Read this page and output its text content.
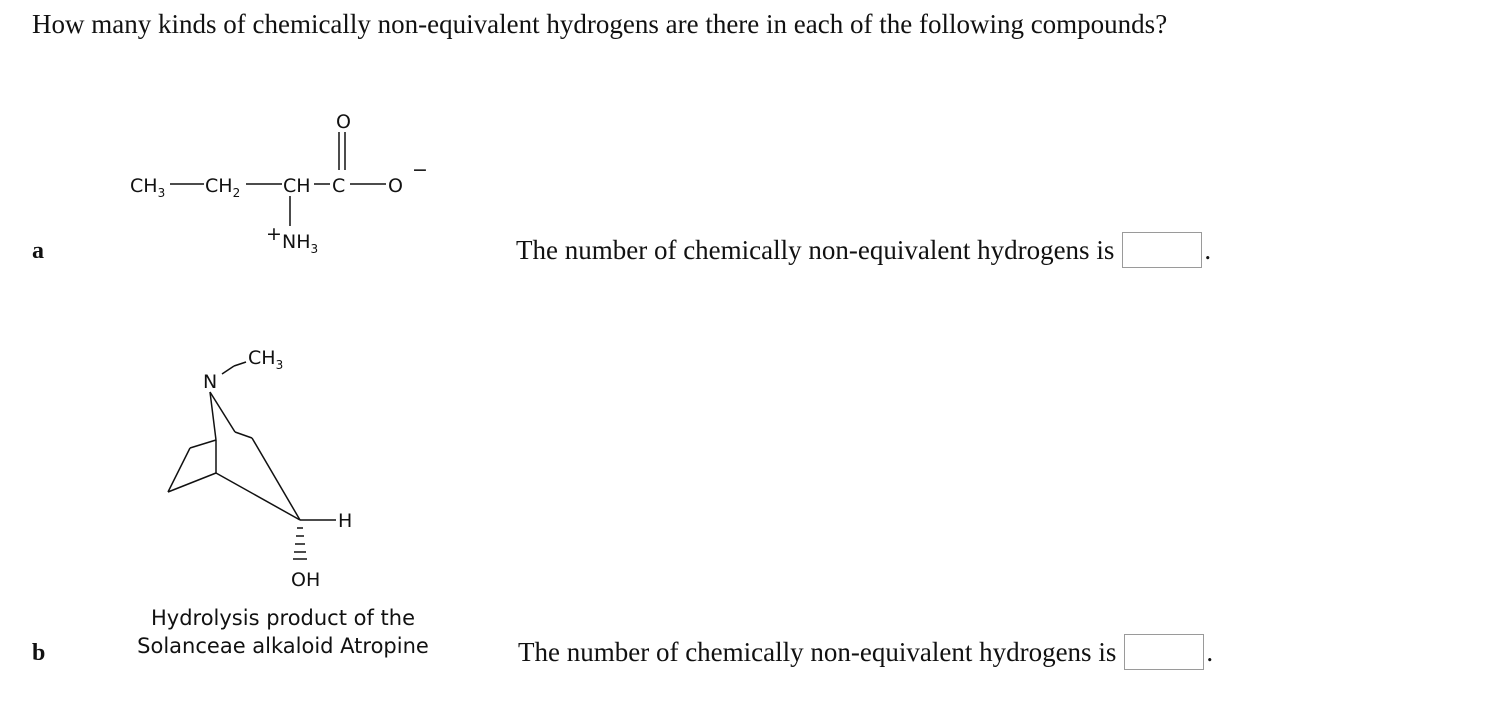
How many kinds of chemically non-equivalent hydrogens are there in each of the following compounds?
a
$CH_3$ $CH_2$ CH C O
−
O
+ $NH_3$	The number of chemically non-equivalent hydrogens is	.
N
$CH_3$
H
OH
Hydrolysis product of the
Solanceae alkaloid Atropine
b	The number of chemically non-equivalent hydrogens is	.
